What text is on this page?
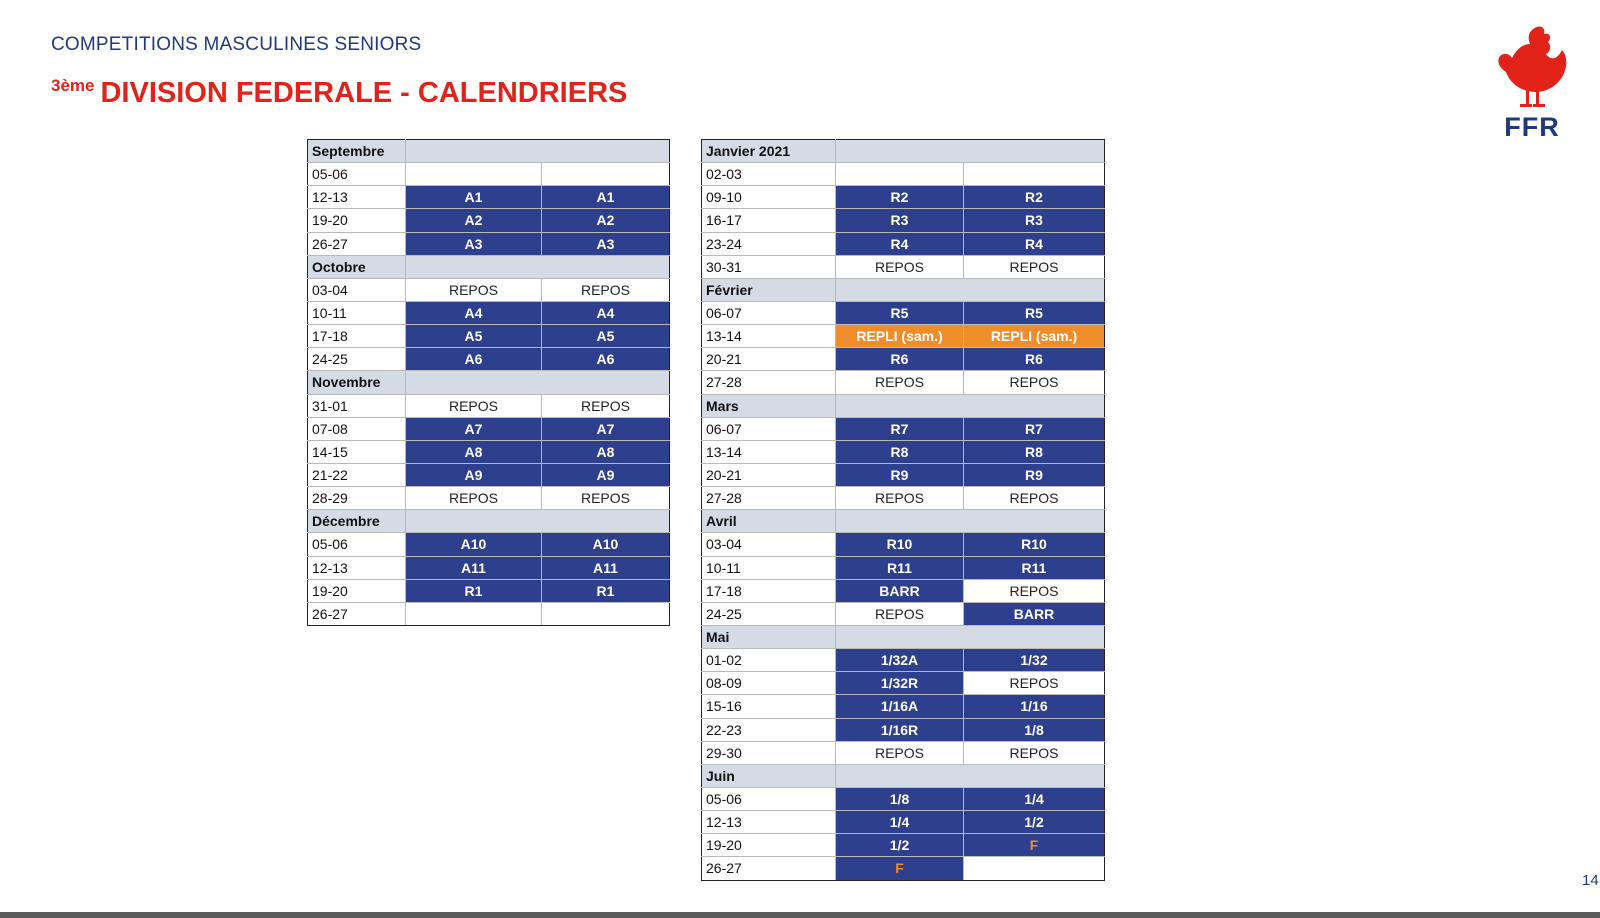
COMPETITIONS MASCULINES SENIORS
$^{3ème}$ DIVISION FEDERALE - CALENDRIERS
FFR
Septembre		
05-06		
12-13	A1	A1
19-20	A2	A2
26-27	A3	A3
Octobre		
03-04	REPOS	REPOS
10-11	A4	A4
17-18	A5	A5
24-25	A6	A6
Novembre		
31-01	REPOS	REPOS
07-08	A7	A7
14-15	A8	A8
21-22	A9	A9
28-29	REPOS	REPOS
Décembre		
05-06	A10	A10
12-13	A11	A11
19-20	R1	R1
26-27		
Janvier 2021		
02-03		
09-10	R2	R2
16-17	R3	R3
23-24	R4	R4
30-31	REPOS	REPOS
Février		
06-07	R5	R5
13-14	REPLI (sam.)	REPLI (sam.)
20-21	R6	R6
27-28	REPOS	REPOS
Mars		
06-07	R7	R7
13-14	R8	R8
20-21	R9	R9
27-28	REPOS	REPOS
Avril		
03-04	R10	R10
10-11	R11	R11
17-18	BARR	REPOS
24-25	REPOS	BARR
Mai		
01-02	1/32A	1/32
08-09	1/32R	REPOS
15-16	1/16A	1/16
22-23	1/16R	1/8
29-30	REPOS	REPOS
Juin		
05-06	1/8	1/4
12-13	1/4	1/2
19-20	1/2	F
26-27	F	
14
